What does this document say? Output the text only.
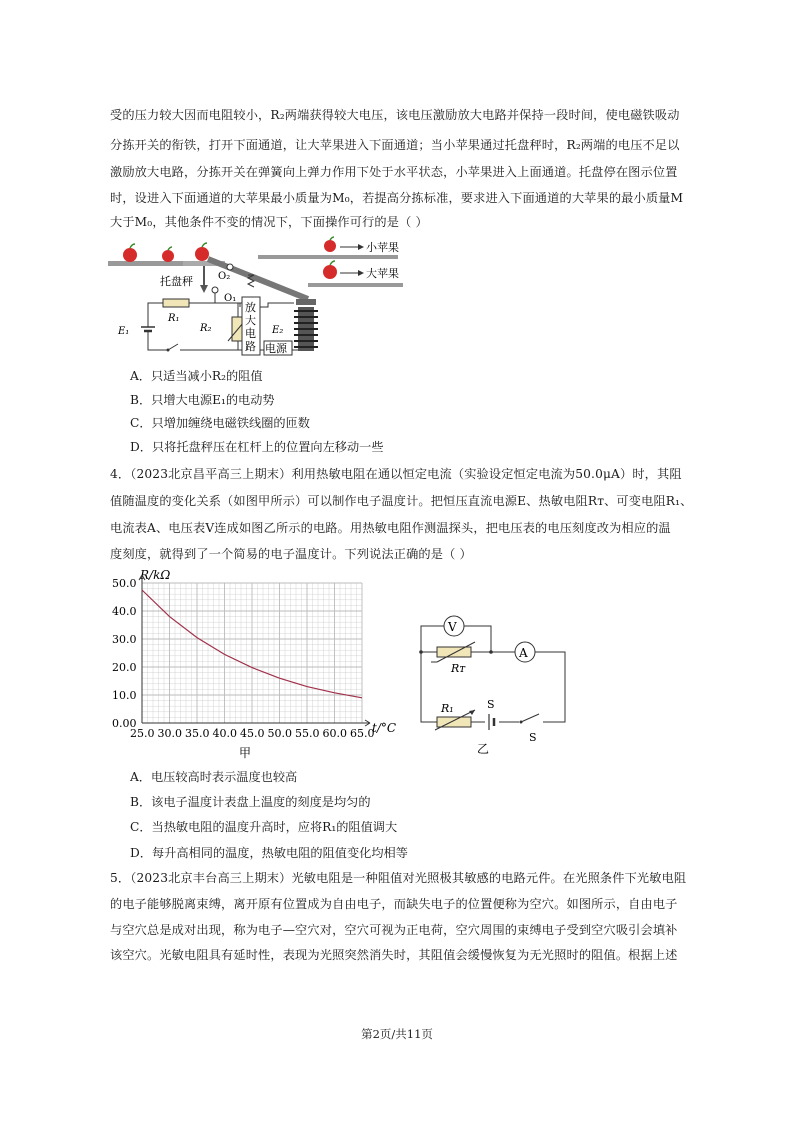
受的压力较大因而电阻较小，R₂两端获得较大电压，该电压激励放大电路并保持一段时间，使电磁铁吸动
分拣开关的衔铁，打开下面通道，让大苹果进入下面通道；当小苹果通过托盘秤时，R₂两端的电压不足以
激励放大电路，分拣开关在弹簧向上弹力作用下处于水平状态，小苹果进入上面通道。托盘停在图示位置
时，设进入下面通道的大苹果最小质量为M₀，若提高分拣标准，要求进入下面通道的大苹果的最小质量M
大于M₀，其他条件不变的情况下，下面操作可行的是（ ）
托盘秤	O₂
O₁
小苹果
大苹果
R₁
E₁	R₂
放
大
电
路
E₂
电源
A．只适当减小R₂的阻值
B．只增大电源E₁的电动势
C．只增加缠绕电磁铁线圈的匝数
D．只将托盘秤压在杠杆上的位置向左移动一些
4．（2023北京昌平高三上期末）利用热敏电阻在通以恒定电流（实验设定恒定电流为50.0μA）时，其阻
值随温度的变化关系（如图甲所示）可以制作电子温度计。把恒压直流电源E、热敏电阻Rᴛ、可变电阻R₁、
电流表A、电压表V连成如图乙所示的电路。用热敏电阻作测温探头，把电压表的电压刻度改为相应的温
度刻度，就得到了一个简易的电子温度计。下列说法正确的是（ ）
R/kΩ
t/°C
甲
0.00
10.0
20.0
30.0
40.0
50.0
25.0 30.0 35.0 40.0 45.0 50.0 55.0 60.0 65.0
V
Rᴛ
A
R₁	S
S
乙
A．电压较高时表示温度也较高
B．该电子温度计表盘上温度的刻度是均匀的
C．当热敏电阻的温度升高时，应将R₁的阻值调大
D．每升高相同的温度，热敏电阻的阻值变化均相等
5．（2023北京丰台高三上期末）光敏电阻是一种阻值对光照极其敏感的电路元件。在光照条件下光敏电阻
的电子能够脱离束缚，离开原有位置成为自由电子，而缺失电子的位置便称为空穴。如图所示，自由电子
与空穴总是成对出现，称为电子—空穴对，空穴可视为正电荷，空穴周围的束缚电子受到空穴吸引会填补
该空穴。光敏电阻具有延时性，表现为光照突然消失时，其阻值会缓慢恢复为无光照时的阻值。根据上述
第2页/共11页
